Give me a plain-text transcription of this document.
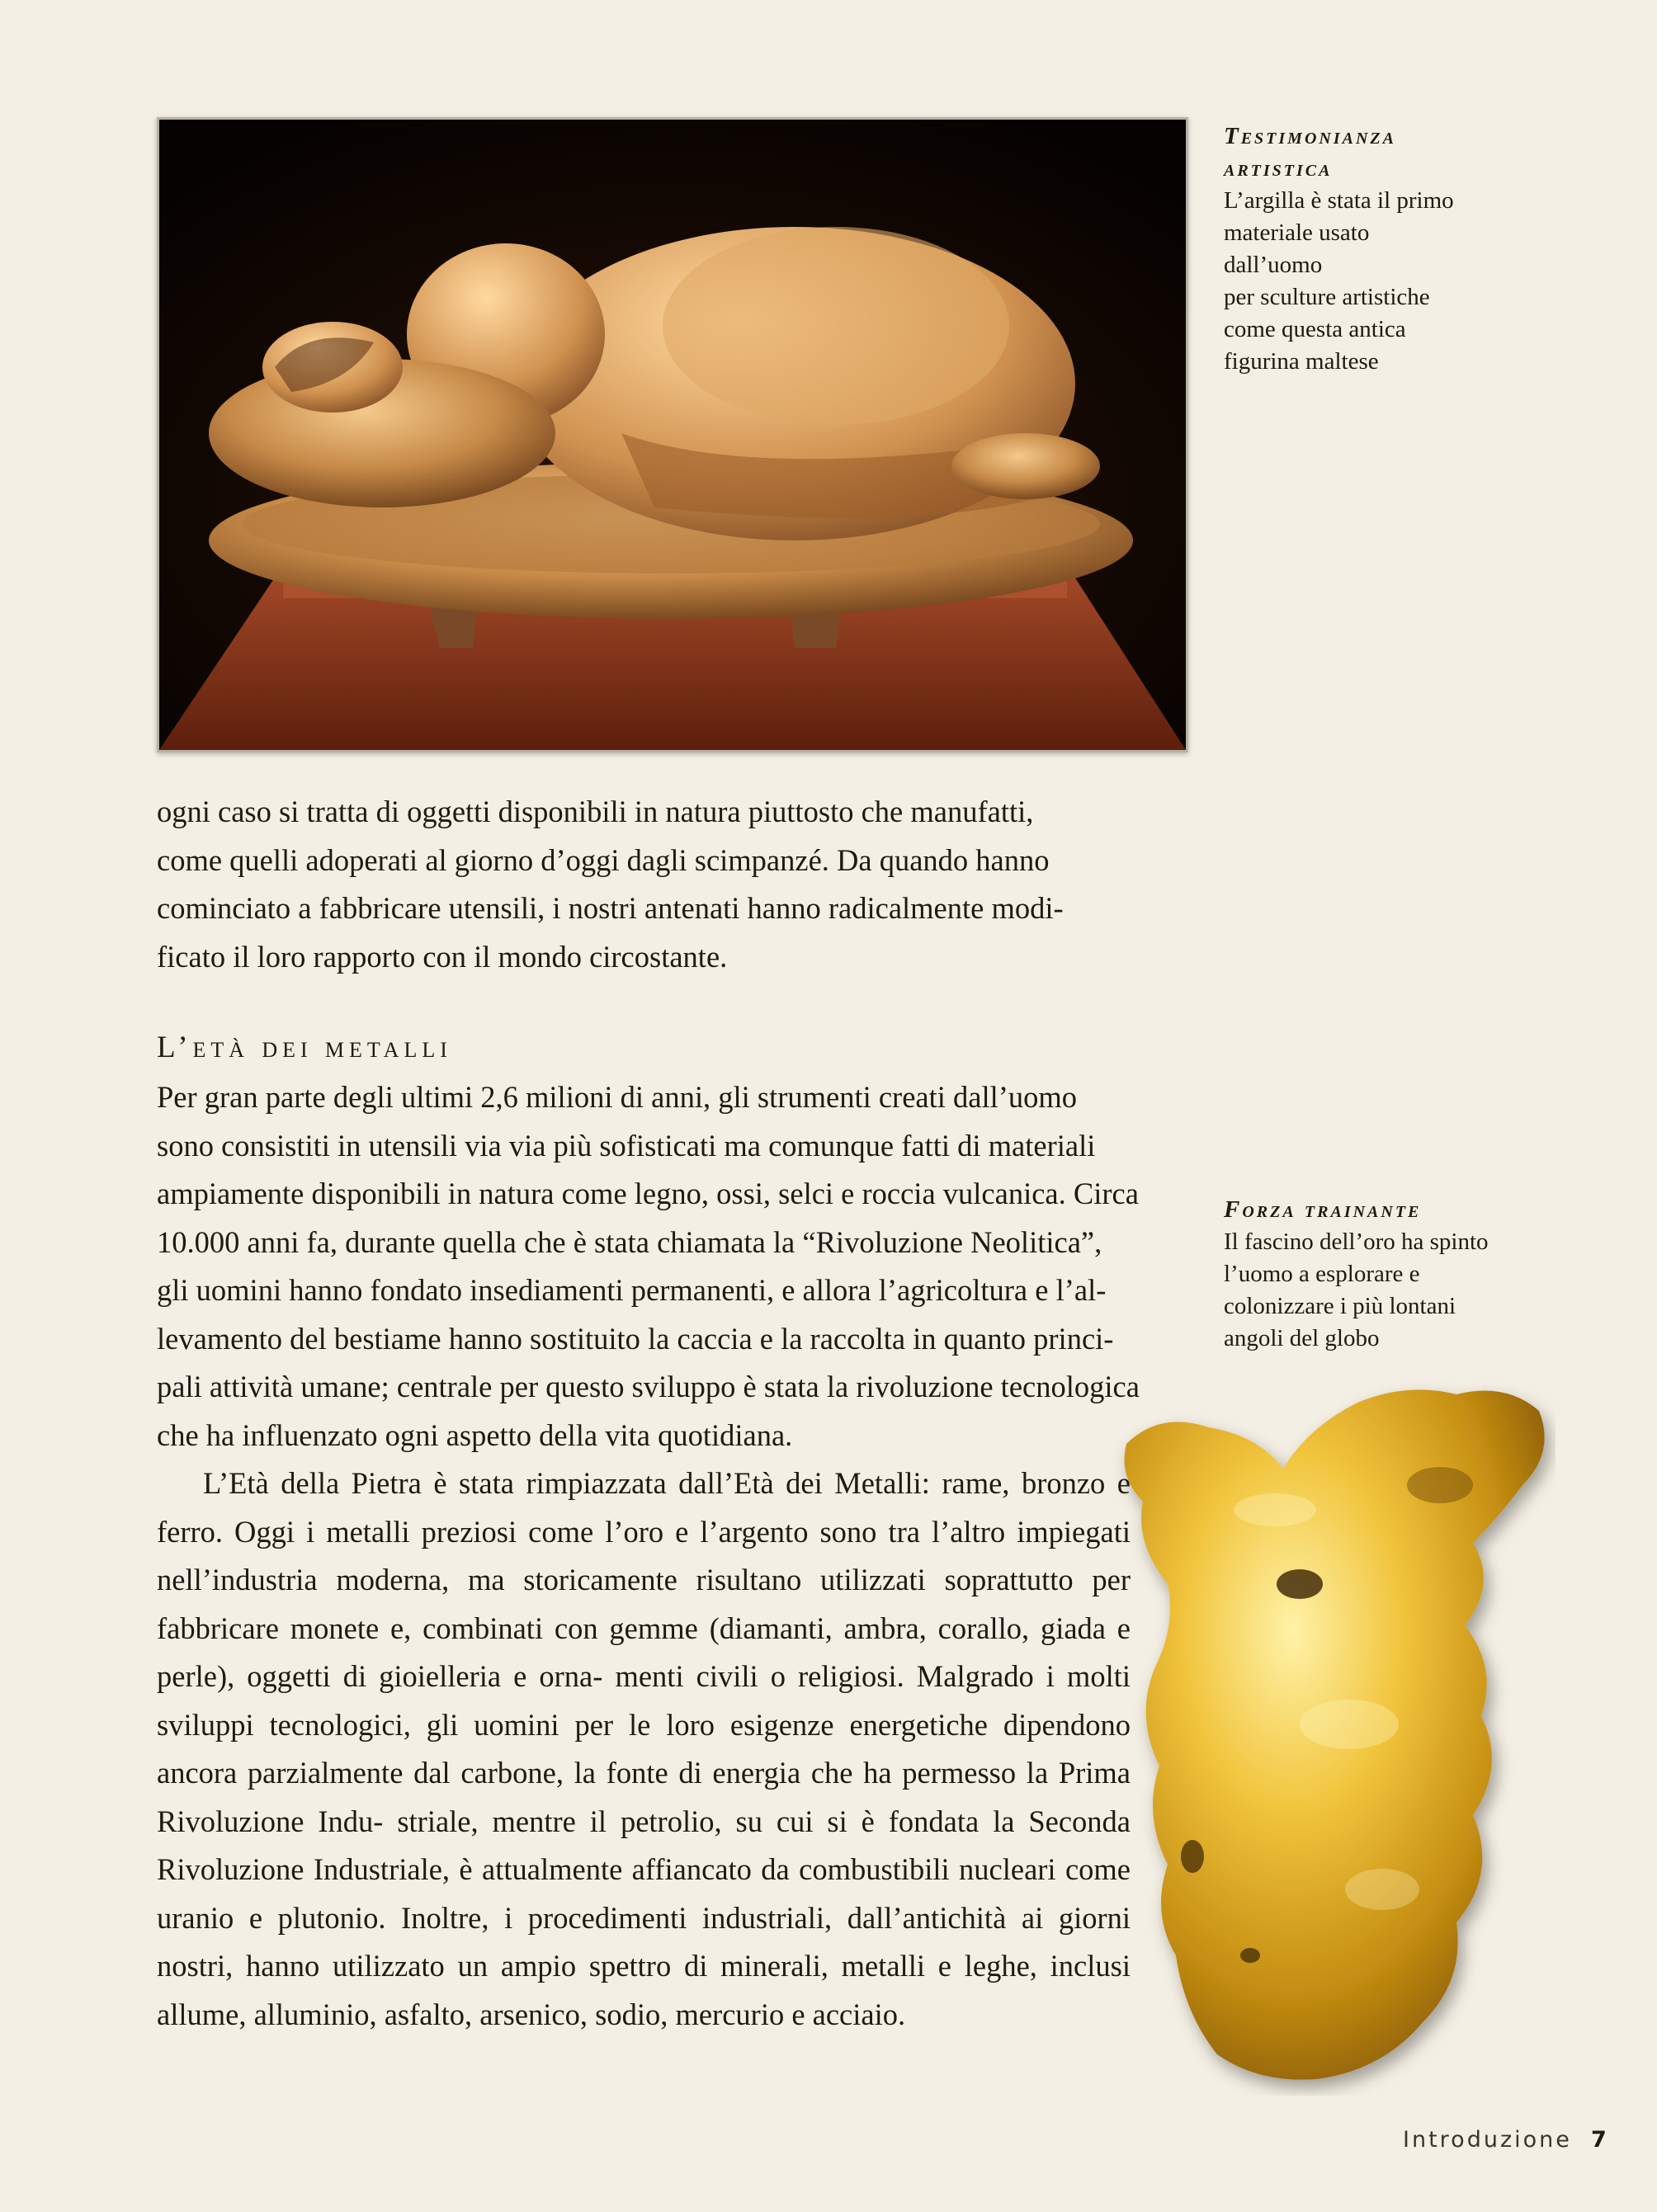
Testimonianza
artistica
L’argilla è stata il primo
materiale usato
dall’uomo
per sculture artistiche
come questa antica
figurina maltese

ogni caso si tratta di oggetti disponibili in natura piuttosto che manufatti,
come quelli adoperati al giorno d’oggi dagli scimpanzé. Da quando hanno
cominciato a fabbricare utensili, i nostri antenati hanno radicalmente modi-
ficato il loro rapporto con il mondo circostante.

L’età dei metalli

Per gran parte degli ultimi 2,6 milioni di anni, gli strumenti creati dall’uomo
sono consistiti in utensili via via più sofisticati ma comunque fatti di materiali
ampiamente disponibili in natura come legno, ossi, selci e roccia vulcanica. Circa
10.000 anni fa, durante quella che è stata chiamata la “Rivoluzione Neolitica”,
gli uomini hanno fondato insediamenti permanenti, e allora l’agricoltura e l’al-
levamento del bestiame hanno sostituito la caccia e la raccolta in quanto princi-
pali attività umane; centrale per questo sviluppo è stata la rivoluzione tecnologica
che ha influenzato ogni aspetto della vita quotidiana.

Forza trainante
Il fascino dell’oro ha spinto
l’uomo a esplorare e
colonizzare i più lontani
angoli del globo

L’Età della Pietra è stata rimpiazzata dall’Età dei Metalli: rame, bronzo e ferro. Oggi i metalli preziosi come l’oro e l’argento sono tra l’altro impiegati nell’industria moderna, ma storicamente risultano utilizzati soprattutto per fabbricare monete e, combinati con gemme (diamanti, ambra, corallo, giada e perle), oggetti di gioielleria e orna- menti civili o religiosi. Malgrado i molti sviluppi tecnologici, gli uomini per le loro esigenze energetiche dipendono ancora parzialmente dal carbone, la fonte di energia che ha permesso la Prima Rivoluzione Indu- striale, mentre il petrolio, su cui si è fondata la Seconda Rivoluzione Industriale, è attualmente affiancato da combustibili nucleari come uranio e plutonio. Inoltre, i procedimenti industriali, dall’antichità ai giorni nostri, hanno utilizzato un ampio spettro di minerali, metalli e leghe, inclusi allume, alluminio, asfalto, arsenico, sodio, mercurio e acciaio.

Introduzione 7
